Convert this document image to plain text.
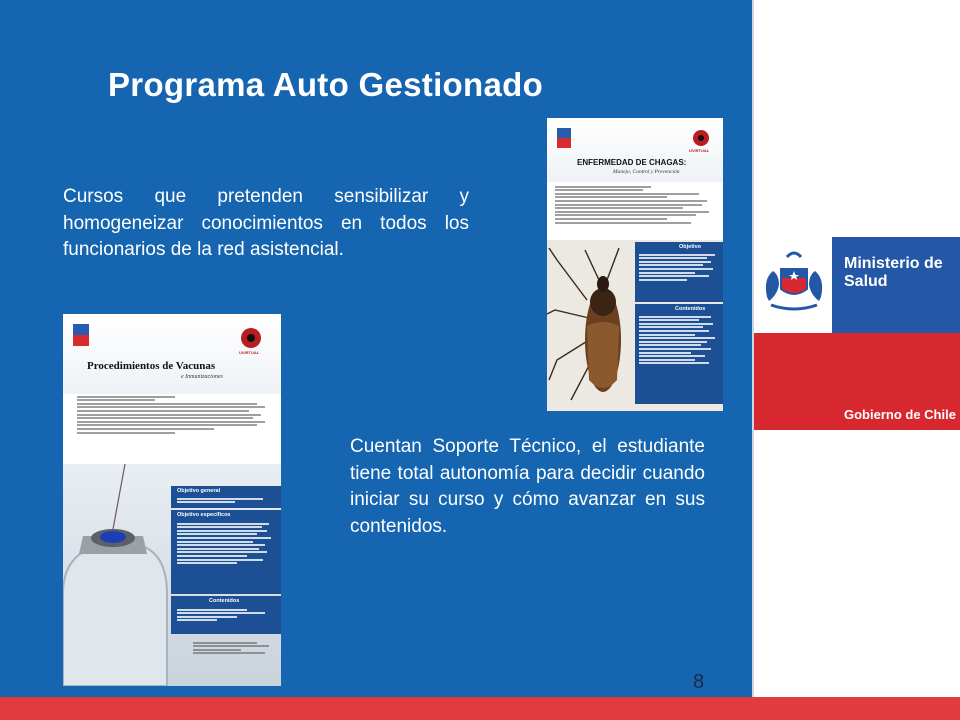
Programa Auto Gestionado
Cursos que pretenden sensibilizar y homogeneizar conocimientos en todos los funcionarios de la red asistencial.
UVIRTUAL
ENFERMEDAD DE CHAGAS:
Manejo, Control y Prevención
Objetivo
Contenidos
UVIRTUAL
Procedimientos de Vacunas
e Inmunizaciones
Objetivo general
Objetivo específicos
Contenidos
Cuentan Soporte Técnico, el estudiante tiene total autonomía para decidir cuando iniciar su curso y cómo avanzar en sus contenidos.
8
Ministerio de
Salud
Gobierno de Chile
